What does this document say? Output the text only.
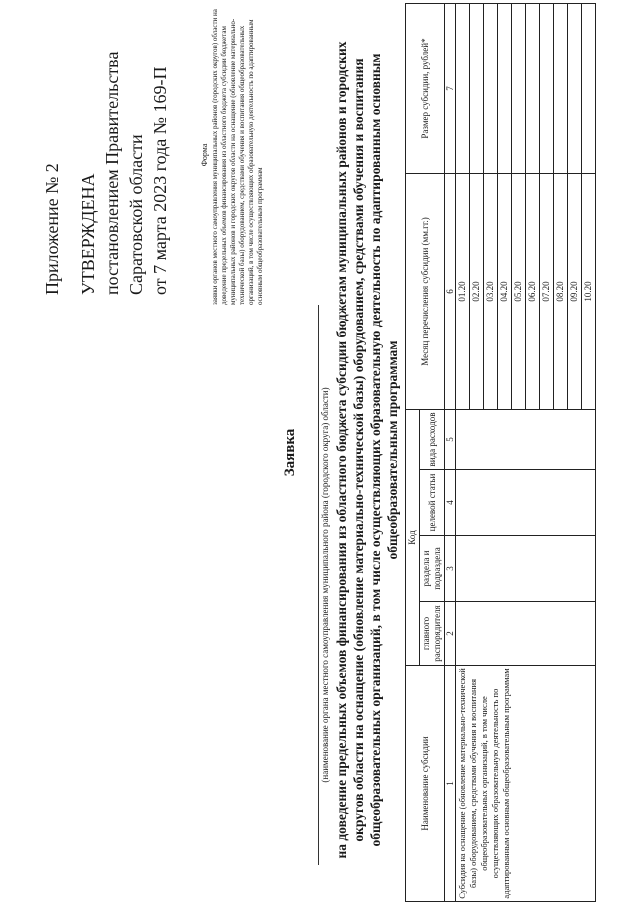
Приложение № 2 УТВЕРЖДЕНА постановлением Правительства Саратовской области от 7 марта 2023 года № 169-П	Форма заявки органов местного самоуправления муниципальных районов (городских округов) области на доведение предельных объемов финансирования из областного бюджета субсидии бюджетам муниципальных районов и городских округов области на оснащение (обновление материально-технической базы) оборудованием, средствами обучения и воспитания общеобразовательных организаций, в том числе осуществляющих образовательную деятельность по адаптированным основным общеобразовательным программам
Заявка (наименование органа местного самоуправления муниципального района (городского округа) области) на доведение предельных объемов финансирования из областного бюджета субсидии бюджетам муниципальных районов и городских округов области на оснащение (обновление материально-технической базы) оборудованием, средствами обучения и воспитания общеобразовательных организаций, в том числе осуществляющих образовательную деятельность по адаптированным основным общеобразовательным программам
Наименование субсидии	Код				Месяц перечисления субсидии (мм.гг.)	Размер субсидии, рублей*
	главного распорядителя	раздела и подраздела	целевой статьи	вида расходов		
1	2	3	4	5	6	7
Субсидия на оснащение (обновление материально-технической базы) оборудованием, средствами обучения и воспитания общеобразовательных организаций, в том числе осуществляющих образовательную деятельность по адаптированным основным общеобразовательным программам					01.20	
					02.20	
					03.20	
					04.20	
					05.20	
					06.20	
					07.20	
					08.20	
					09.20	
					10.20	
